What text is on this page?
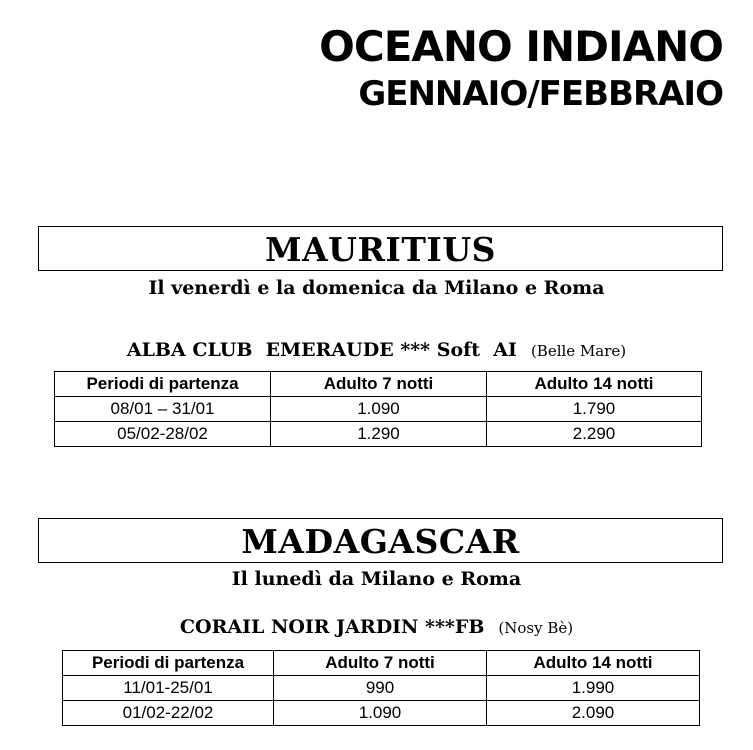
OCEANO INDIANO
GENNAIO/FEBBRAIO
MAURITIUS
Il venerdì e la domenica da Milano e Roma
ALBA CLUB  EMERAUDE *** Soft  AI (Belle Mare)
Periodi di partenza	Adulto 7 notti	Adulto 14 notti
08/01 – 31/01	1.090	1.790
05/02-28/02	1.290	2.290
MADAGASCAR
Il lunedì da Milano e Roma
CORAIL NOIR JARDIN ***FB (Nosy Bè)
Periodi di partenza	Adulto 7 notti	Adulto 14 notti
11/01-25/01	990	1.990
01/02-22/02	1.090	2.090
